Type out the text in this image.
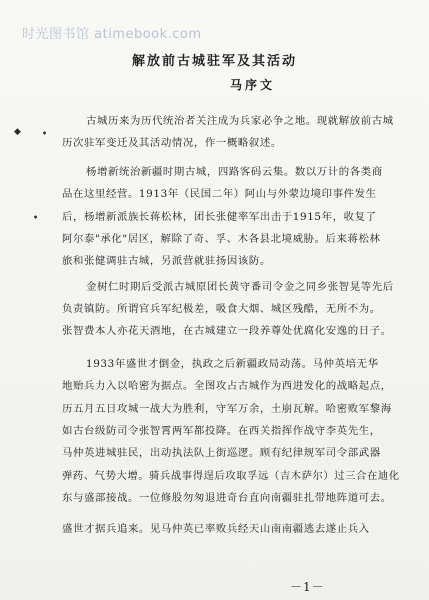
时光图书馆 atimebook.com
解放前古城驻军及其活动
马序文
◆	•
•
古城历来为历代统治者关注成为兵家必争之地。现就解放前古城
历次驻军变迁及其活动情况，作一概略叙述。
杨增新统治新疆时期古城，四路客码云集。数以万计的各类商
品在这里经营。1913年（民国二年）阿山与外蒙边境印事件发生
后，杨增新派族长蒋松林，团长张健率军出击于1915年，收复了
阿尔泰"承化"居区，解除了奇、孚、木各县北境威胁。后来蒋松林
旅和张健调驻古城，另派营就驻扬因该防。
金树仁时期后受派古城原团长黄守番司令金之同乡张智晃等先后
负责镇防。所谓官兵军纪极差，吸食大烟、城区残酷，无所不为。
张智费本人亦花天酒地，在古城建立一段养尊处优腐化安逸的日子。
1933年盛世才倒金，执政之后新疆政局动荡。马仲英培无华
地贻兵力入以哈密为据点。全图攻占古城作为西进发化的战略起点，
历五月五日攻城一战大为胜利，守军万余，土崩瓦解。哈密败军黎海
如古台级防司令张智霄两军都投降。在西关指挥作战守李英先生，
马仲英进城驻民，出动执法队上街巡逻。顾有纪律规军司令部武器
弹药、气势大增。骑兵战事得逞后攻取孚远（吉木萨尔）过三合在迪化
东与盛部接战。一位修股勿匆退进奇台直向南疆驻扎带地阵道可去。
盛世才据兵追来。见马仲英已率败兵经天山南南疆逃去遂止兵入
－1－
